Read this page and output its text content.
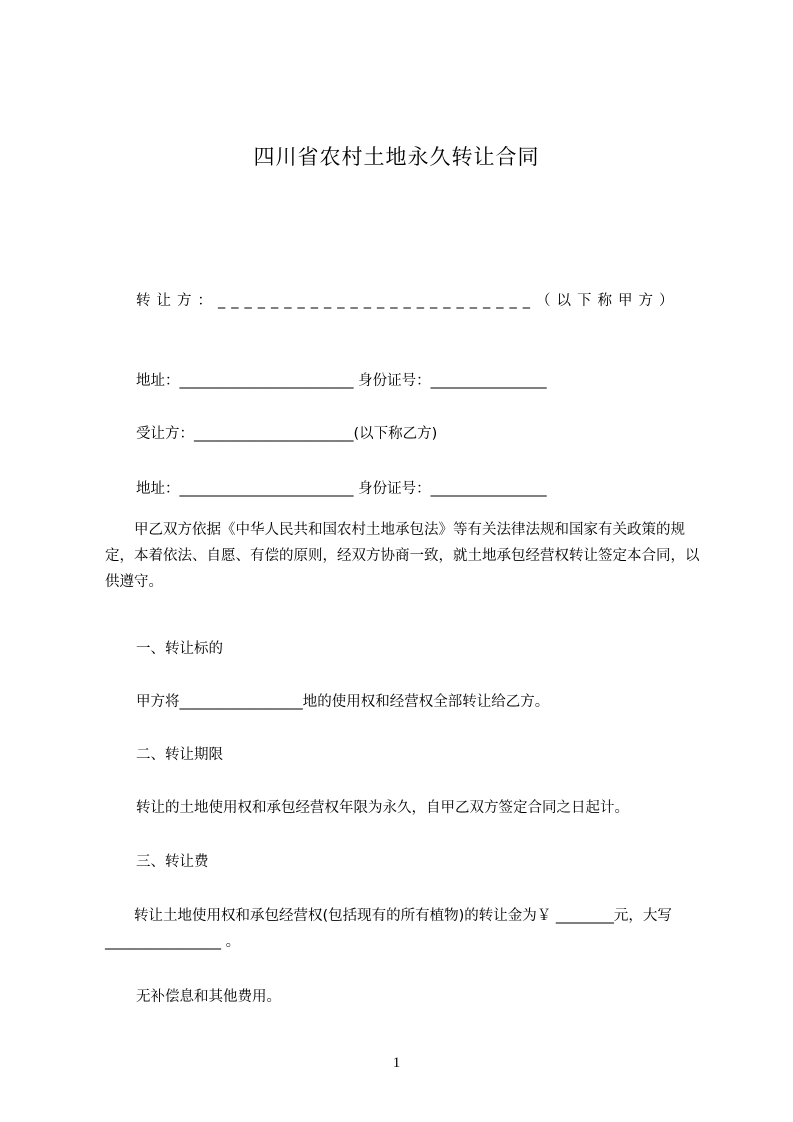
四川省农村土地永久转让合同
转让方：________________________（以下称甲方）
地址：________________________ 身份证号：________________
受让方：______________________(以下称乙方)
地址：________________________ 身份证号：________________
　　甲乙双方依据《中华人民共和国农村土地承包法》等有关法律法规和国家有关政策的规定，本着依法、自愿、有偿的原则，经双方协商一致，就土地承包经营权转让签定本合同，以供遵守。
一、转让标的
甲方将_________________地的使用权和经营权全部转让给乙方。
二、转让期限
转让的土地使用权和承包经营权年限为永久，自甲乙双方签定合同之日起计。
三、转让费
　　转让土地使用权和承包经营权(包括现有的所有植物)的转让金为￥ ________元，大写________________ 。
无补偿息和其他费用。
1
